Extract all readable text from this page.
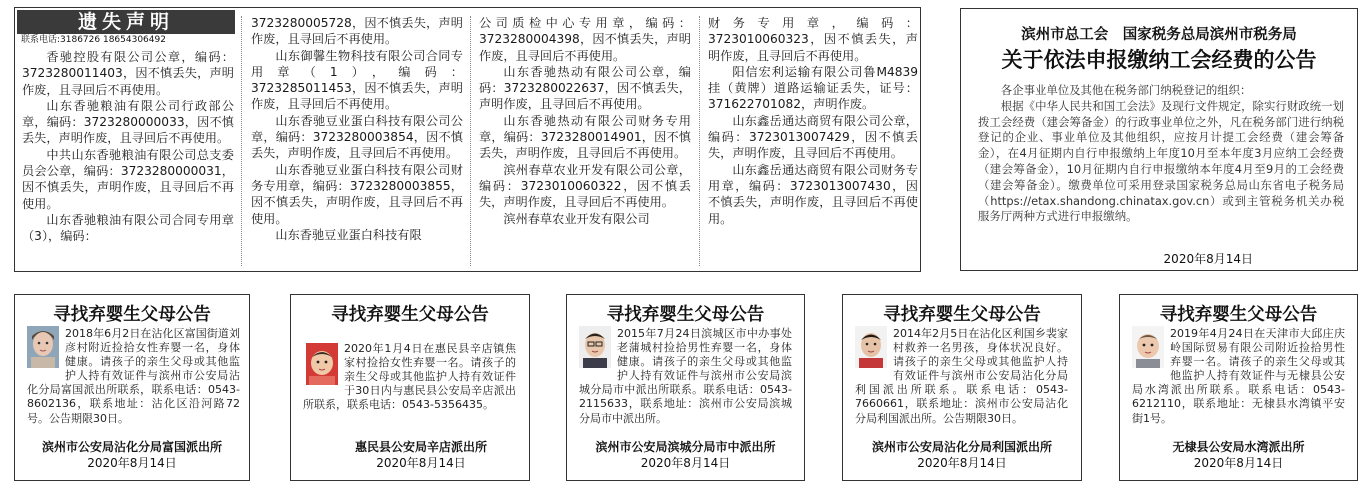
遗失声明
联系电话:3186726 18654306492

香驰控股有限公司公章，编码：3723280011403，因不慎丢失，声明作废，且寻回后不再使用。

山东香驰粮油有限公司行政部公章，编码：3723280000033，因不慎丢失，声明作废，且寻回后不再使用。

中共山东香驰粮油有限公司总支委员会公章，编码：3723280000031，因不慎丢失，声明作废，且寻回后不再使用。

山东香驰粮油有限公司合同专用章（3），编码：

3723280005728，因不慎丢失，声明作废，且寻回后不再使用。

山东御馨生物科技有限公司合同专用章（1），编码：3723285011453，因不慎丢失，声明作废，且寻回后不再使用。

山东香驰豆业蛋白科技有限公司公章，编码：3723280003854，因不慎丢失，声明作废，且寻回后不再使用。

山东香驰豆业蛋白科技有限公司财务专用章，编码：3723280003855，因不慎丢失，声明作废，且寻回后不再使用。

山东香驰豆业蛋白科技有限

公司质检中心专用章，编码：3723280004398，因不慎丢失，声明作废，且寻回后不再使用。

山东香驰热动有限公司公章，编码：3723280022637，因不慎丢失，声明作废，且寻回后不再使用。

山东香驰热动有限公司财务专用章，编码：3723280014901，因不慎丢失，声明作废，且寻回后不再使用。

滨州春草农业开发有限公司公章，编码：3723010060322，因不慎丢失，声明作废，且寻回后不再使用。

滨州春草农业开发有限公司

财务专用章，编码：3723010060323，因不慎丢失，声明作废，且寻回后不再使用。

阳信宏利运输有限公司鲁M4839挂（黄牌）道路运输证丢失，证号：371622701082，声明作废。

山东鑫岳通达商贸有限公司公章，编码：3723013007429，因不慎丢失，声明作废，且寻回后不再使用。

山东鑫岳通达商贸有限公司财务专用章，编码：3723013007430，因不慎丢失，声明作废，且寻回后不再使用。

滨州市总工会　国家税务总局滨州市税务局
关于依法申报缴纳工会经费的公告

各企事业单位及其他在税务部门纳税登记的组织：

根据《中华人民共和国工会法》及现行文件规定，除实行财政统一划拨工会经费（建会筹备金）的行政事业单位之外，凡在税务部门进行纳税登记的企业、事业单位及其他组织，应按月计提工会经费（建会筹备金），在4月征期内自行申报缴纳上年度10月至本年度3月应纳工会经费（建会筹备金），10月征期内自行申报缴纳本年度4月至9月的工会经费（建会筹备金）。缴费单位可采用登录国家税务总局山东省电子税务局（https://etax.shandong.chinatax.gov.cn）或到主管税务机关办税服务厅两种方式进行申报缴纳。

2020年8月14日
寻找弃婴生父母公告
2018年6月2日在沾化区富国街道刘彦村附近捡拾女性弃婴一名，身体健康。请孩子的亲生父母或其他监护人持有效证件与滨州市公安局沾化分局富国派出所联系，联系电话：0543-8602136，联系地址：沾化区沿河路72号。公告期限30日。
滨州市公安局沾化分局富国派出所
2020年8月14日
寻找弃婴生父母公告
2020年1月4日在惠民县辛店镇焦家村捡拾女性弃婴一名。请孩子的亲生父母或其他监护人持有效证件于30日内与惠民县公安局辛店派出所联系，联系电话：0543-5356435。
惠民县公安局辛店派出所
2020年8月14日
寻找弃婴生父母公告
2015年7月24日滨城区市中办事处老蒲城村捡拾男性弃婴一名，身体健康。请孩子的亲生父母或其他监护人持有效证件与滨州市公安局滨城分局市中派出所联系。联系电话：0543-2115633，联系地址：滨州市公安局滨城分局市中派出所。
滨州市公安局滨城分局市中派出所
2020年8月14日
寻找弃婴生父母公告
2014年2月5日在沾化区利国乡裴家村救养一名男孩，身体状况良好。请孩子的亲生父母或其他监护人持有效证件与滨州市公安局沾化分局利国派出所联系。联系电话：0543-7660661，联系地址：滨州市公安局沾化分局利国派出所。公告期限30日。
滨州市公安局沾化分局利国派出所
2020年8月14日
寻找弃婴生父母公告
2019年4月24日在天津市大邱庄庆岭国际贸易有限公司附近捡拾男性弃婴一名。请孩子的亲生父母或其他监护人持有效证件与无棣县公安局水湾派出所联系。联系电话：0543-6212110，联系地址：无棣县水湾镇平安街1号。
无棣县公安局水湾派出所
2020年8月14日
